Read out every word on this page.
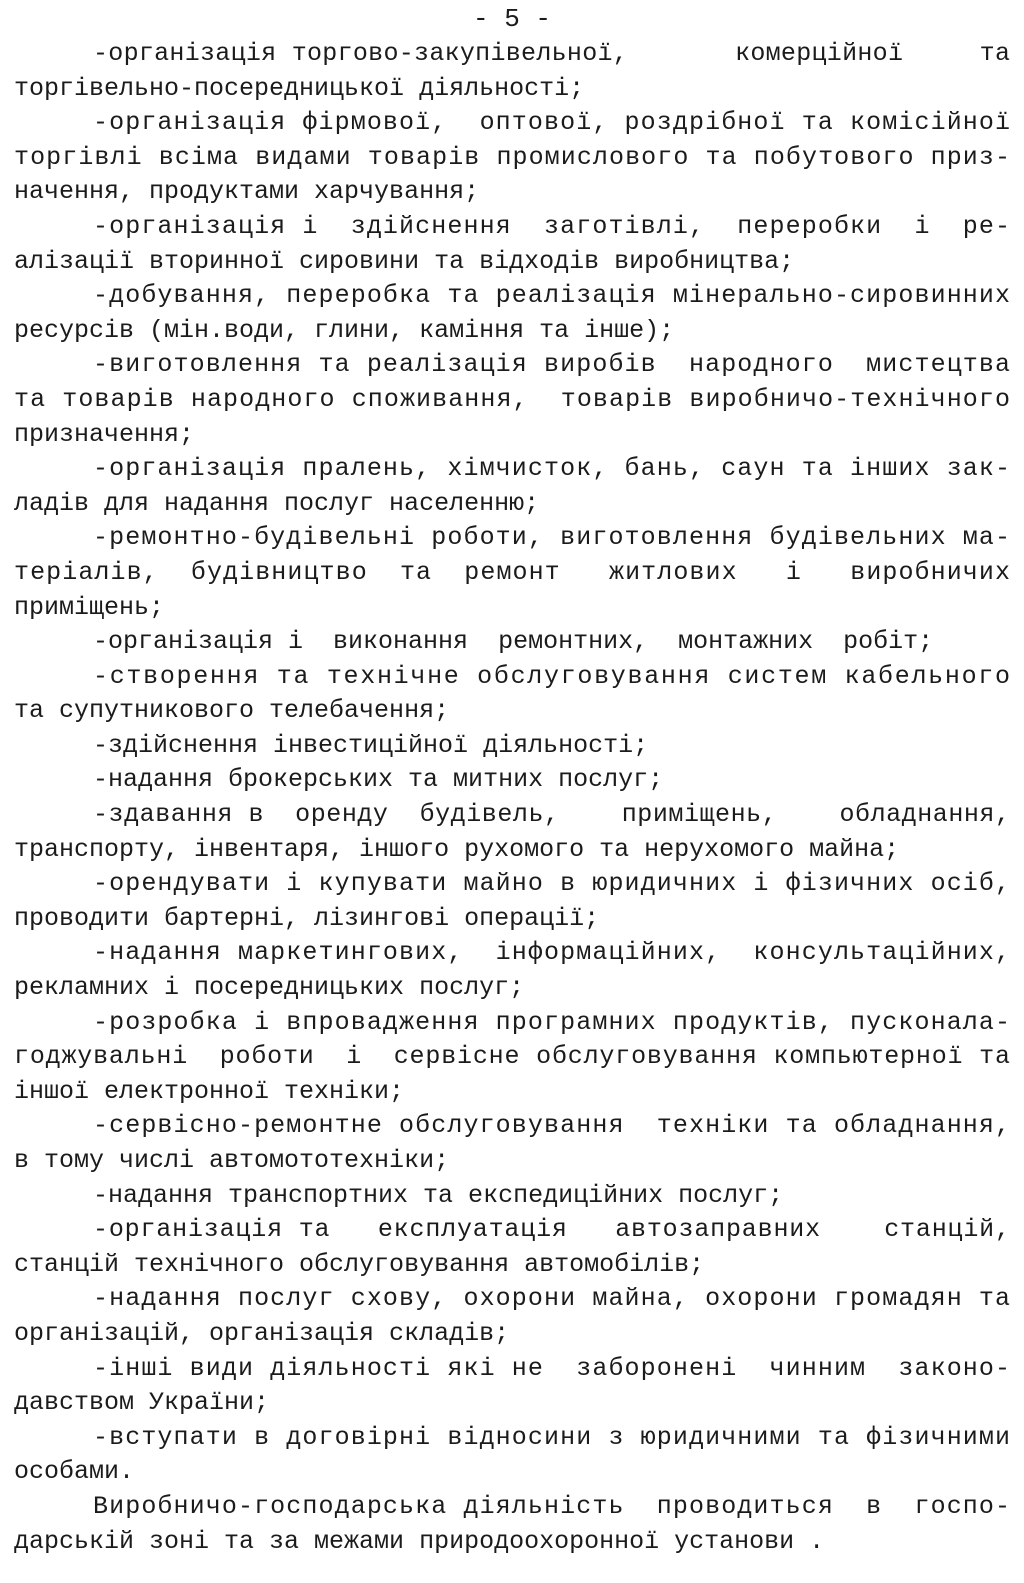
- 5 -
-організація торгово-закупівельної,       комерційної     та
торгівельно-посередницької діяльності;
-організація фірмової,  оптової, роздрібної та комісійної
торгівлі всіма видами товарів промислового та побутового приз-
начення, продуктами харчування;
-організація і  здійснення  заготівлі,  переробки  і  ре-
алізації вторинної сировини та відходів виробництва;
-добування, переробка та реалізація мінерально-сировинних
ресурсів (мін.води, глини, каміння та інше);
-виготовлення та реалізація виробів  народного  мистецтва
та товарів народного споживання,  товарів виробничо-технічного
призначення;
-організація пралень, хімчисток, бань, саун та інших зак-
ладів для надання послуг населенню;
-ремонтно-будівельні роботи, виготовлення будівельних ма-
теріалів,  будівництво  та  ремонт   житлових   і   виробничих
приміщень;
-організація і  виконання  ремонтних,  монтажних  робіт;
-створення та технічне обслуговування систем кабельного
та супутникового телебачення;
-здійснення інвестиційної діяльності;
-надання брокерських та митних послуг;
-здавання в  оренду  будівель,    приміщень,    обладнання,
транспорту, інвентаря, іншого рухомого та нерухомого майна;
-орендувати і купувати майно в юридичних і фізичних осіб,
проводити бартерні, лізингові операції;
-надання маркетингових,  інформаційних,  консультаційних,
рекламних і посередницьких послуг;
-розробка і впровадження програмних продуктів, пусконала-
годжувальні  роботи  і  сервісне обслуговування компьютерної та
іншої електронної техніки;
-сервісно-ремонтне обслуговування  техніки та обладнання,
в тому числі автомототехніки;
-надання транспортних та експедиційних послуг;
-організація та   експлуатація   автозаправних    станцій,
станцій технічного обслуговування автомобілів;
-надання послуг схову, охорони майна, охорони громадян та
організацій, організація складів;
-інші види діяльності які не  заборонені  чинним  законо-
давством України;
-вступати в договірні відносини з юридичними та фізичними
особами.
Виробничо-господарська діяльність  проводиться  в  госпо-
дарській зоні та за межами природоохоронної установи .
